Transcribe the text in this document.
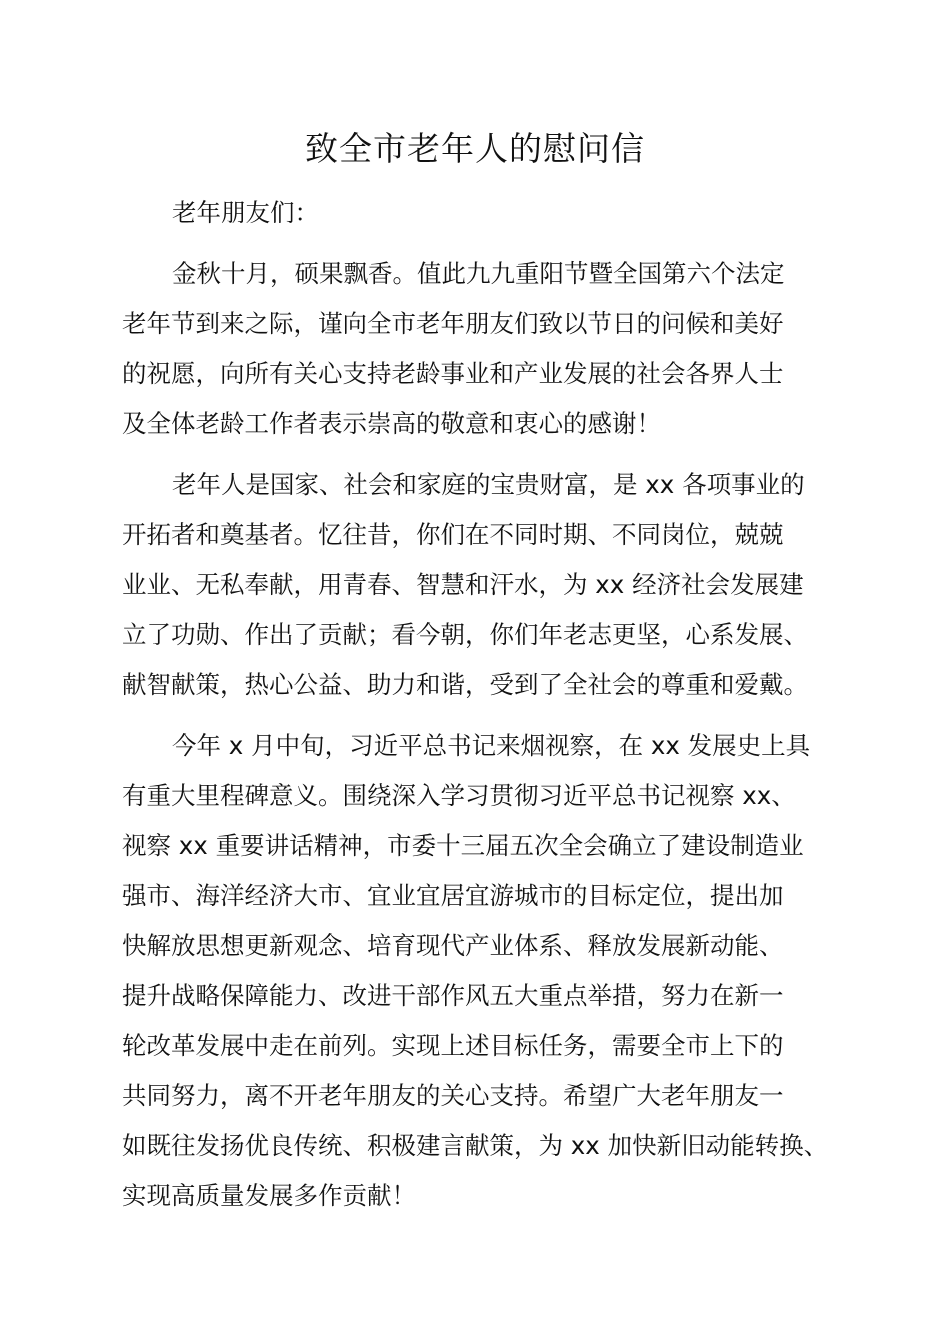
致全市老年人的慰问信

老年朋友们：

金秋十月，硕果飘香。值此九九重阳节暨全国第六个法定

老年节到来之际，谨向全市老年朋友们致以节日的问候和美好

的祝愿，向所有关心支持老龄事业和产业发展的社会各界人士

及全体老龄工作者表示崇高的敬意和衷心的感谢！

老年人是国家、社会和家庭的宝贵财富，是 xx 各项事业的

开拓者和奠基者。忆往昔，你们在不同时期、不同岗位，兢兢

业业、无私奉献，用青春、智慧和汗水，为 xx 经济社会发展建

立了功勋、作出了贡献；看今朝，你们年老志更坚，心系发展、

献智献策，热心公益、助力和谐，受到了全社会的尊重和爱戴。

今年 x 月中旬，习近平总书记来烟视察，在 xx 发展史上具

有重大里程碑意义。围绕深入学习贯彻习近平总书记视察 xx、

视察 xx 重要讲话精神，市委十三届五次全会确立了建设制造业

强市、海洋经济大市、宜业宜居宜游城市的目标定位，提出加

快解放思想更新观念、培育现代产业体系、释放发展新动能、

提升战略保障能力、改进干部作风五大重点举措，努力在新一

轮改革发展中走在前列。实现上述目标任务，需要全市上下的

共同努力，离不开老年朋友的关心支持。希望广大老年朋友一

如既往发扬优良传统、积极建言献策，为 xx 加快新旧动能转换、

实现高质量发展多作贡献！
